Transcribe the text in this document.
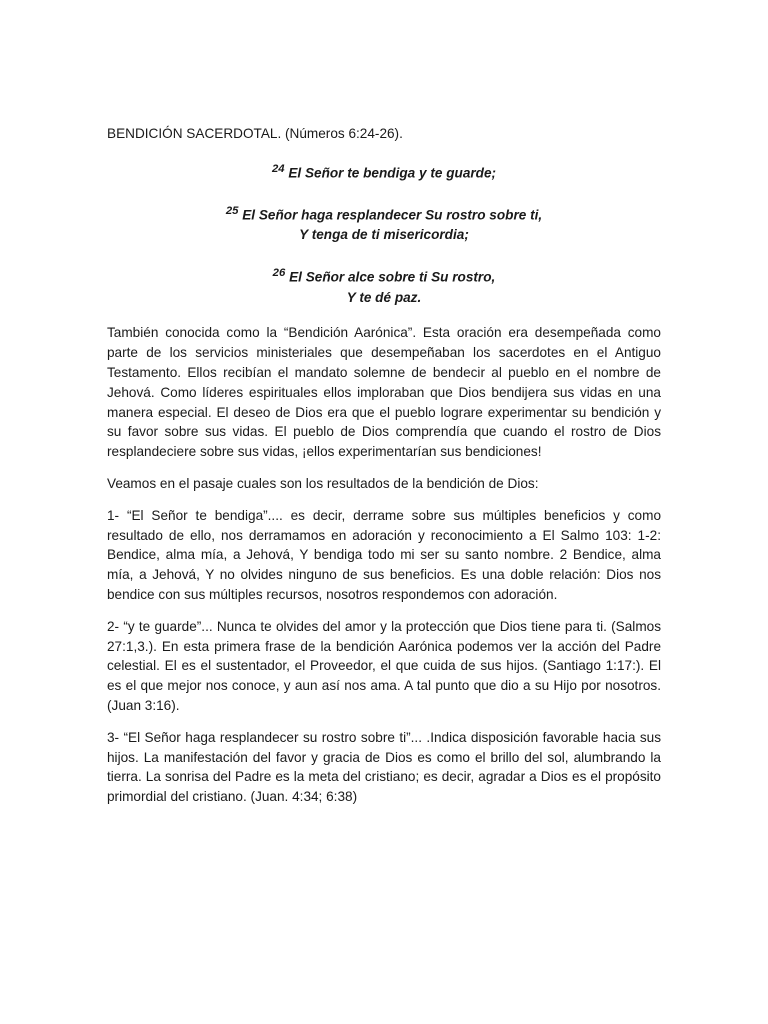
BENDICIÓN SACERDOTAL. (Números 6:24-26).

$^{24}$ El Señor te bendiga y te guarde;
$^{25}$ El Señor haga resplandecer Su rostro sobre ti,
Y tenga de ti misericordia;
$^{26}$ El Señor alce sobre ti Su rostro,
Y te dé paz.

También conocida como la “Bendición Aarónica”. Esta oración era desempeñada como parte de los servicios ministeriales que desempeñaban los sacerdotes en el Antiguo Testamento. Ellos recibían el mandato solemne de bendecir al pueblo en el nombre de Jehová. Como líderes espirituales ellos imploraban que Dios bendijera sus vidas en una manera especial. El deseo de Dios era que el pueblo lograre experimentar su bendición y su favor sobre sus vidas. El pueblo de Dios comprendía que cuando el rostro de Dios resplandeciere sobre sus vidas, ¡ellos experimentarían sus bendiciones!

Veamos en el pasaje cuales son los resultados de la bendición de Dios:

1- “El Señor te bendiga”.... es decir, derrame sobre sus múltiples beneficios y como resultado de ello, nos derramamos en adoración y reconocimiento a El Salmo 103: 1-2: Bendice, alma mía, a Jehová, Y bendiga todo mi ser su santo nombre. 2 Bendice, alma mía, a Jehová, Y no olvides ninguno de sus beneficios. Es una doble relación: Dios nos bendice con sus múltiples recursos, nosotros respondemos con adoración.

2- “y te guarde”... Nunca te olvides del amor y la protección que Dios tiene para ti. (Salmos 27:1,3.). En esta primera frase de la bendición Aarónica podemos ver la acción del Padre celestial. El es el sustentador, el Proveedor, el que cuida de sus hijos. (Santiago 1:17:). El es el que mejor nos conoce, y aun así nos ama. A tal punto que dio a su Hijo por nosotros. (Juan 3:16).

3- “El Señor haga resplandecer su rostro sobre ti”... .Indica disposición favorable hacia sus hijos. La manifestación del favor y gracia de Dios es como el brillo del sol, alumbrando la tierra. La sonrisa del Padre es la meta del cristiano; es decir, agradar a Dios es el propósito primordial del cristiano. (Juan. 4:34; 6:38)
